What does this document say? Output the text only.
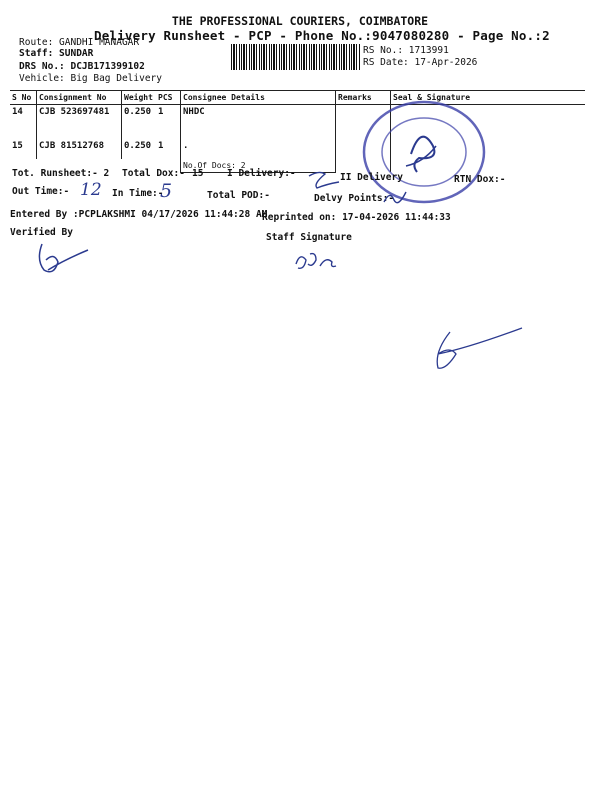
THE PROFESSIONAL COURIERS, COIMBATORE
Delivery Runsheet - PCP - Phone No.:9047080280 - Page No.:2
Route: GANDHI MANAGAR
Staff: SUNDAR
DRS No.: DCJB171399102
Vehicle: Big Bag Delivery
RS No.: 1713991
RS Date: 17-Apr-2026
S No	Consignment No	Weight	PCS	Consignee Details	Remarks	Seal & Signature
14	CJB 523697481	0.250	1	NHDC		
15	CJB 81512768	0.250	1	.		
				No.Of Docs: 2		
Tot. Runsheet:- 2 Total Dox:- 15 I Delivery:-	II Delivery	RTN Dox:-
Out Time:- 12 In Time:-
5	Total POD:-	Delvy Points:-
Entered By :PCPLAKSHMI 04/17/2026 11:44:28 AM
Reprinted on: 17-04-2026 11:44:33
Verified By	Staff Signature
